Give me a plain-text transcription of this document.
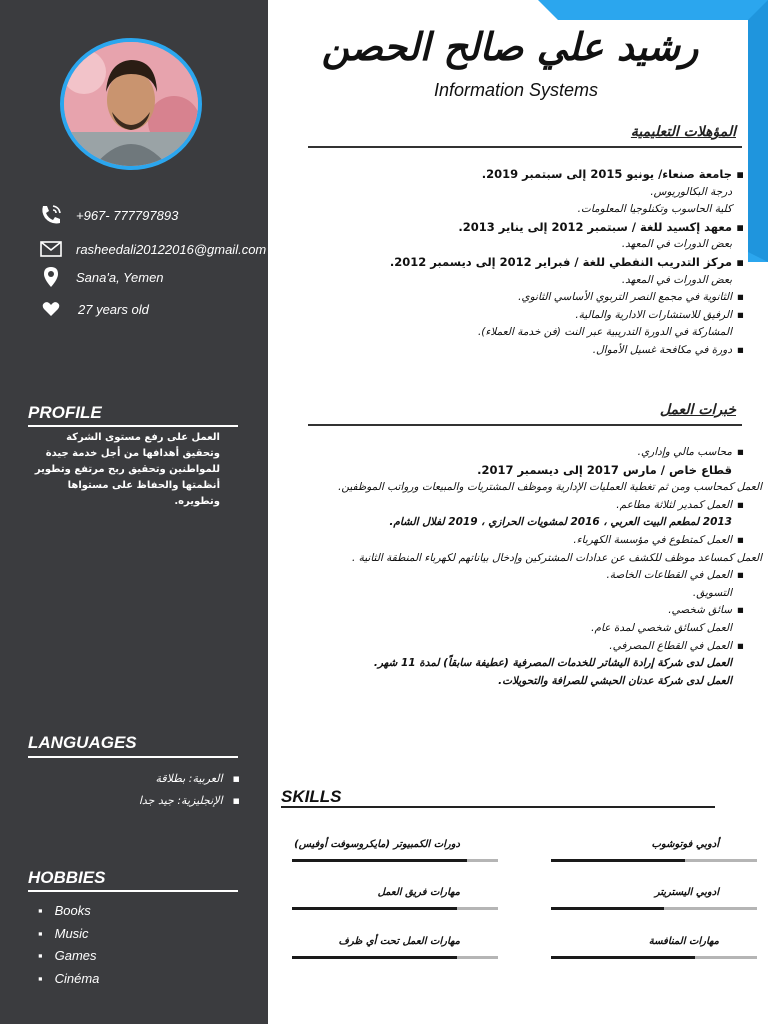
+967- 777797893
rasheedali20122016@gmail.com
Sana'a, Yemen
27 years old
PROFILE
العمل على رفع مستوى الشركة وتحقيق أهدافها من أجل خدمة جيدة للمواطنين وتحقيق ربح مرتفع وتطوير أنظمتها والحفاظ على مستواها وتطويره.
LANGUAGES
▪ العربية: بطلاقة
▪ الإنجليزية: جيد جدا
HOBBIES
▪ Books
▪ Music
▪ Games
▪ Cinéma
رشيد علي صالح الحصن
Information Systems
المؤهلات التعليمية
▪ جامعة صنعاء/ يونيو 2015 إلى سبتمبر 2019.
درجة البكالوريوس.
كلية الحاسوب وتكنلوجيا المعلومات.
▪ معهد إكسيد للغة / سبتمبر 2012 إلى يناير 2013.
بعض الدورات في المعهد.
▪ مركز التدريب النفطي للغة / فبراير 2012 إلى ديسمبر 2012.
بعض الدورات في المعهد.
▪ الثانوية في مجمع النصر التربوي الأساسي الثانوي.
▪ الرفيق للاستشارات الادارية والمالية.
المشاركة في الدورة التدريبية عبر النت (فن خدمة العملاء).
▪ دورة في مكافحة غسيل الأموال.
خبرات العمل
▪ محاسب مالي وإداري.
قطاع خاص / مارس 2017 إلى ديسمبر 2017.
العمل كمحاسب ومن ثم تغطية العمليات الإدارية وموظف المشتريات والمبيعات ورواتب الموظفين.
▪ العمل كمدير لثلاثة مطاعم.
2013 لمطعم البيت العربي ، 2016 لمشويات الحرازي ، 2019 لفلال الشام.
▪ العمل كمتطوع في مؤسسة الكهرباء.
العمل كمساعد موظف للكشف عن عدادات المشتركين وإدخال بياناتهم لكهرباء المنطقة الثانية .
▪ العمل في القطاعات الخاصة.
التسويق.
▪ سائق شخصي.
العمل كسائق شخصي لمدة عام.
▪ العمل في القطاع المصرفي.
العمل لدى شركة إرادة اليشاتر للخدمات المصرفية (عطيفة سابقاً) لمدة 11 شهر.
العمل لدى شركة عدنان الحبشي للصرافة والتحويلات.
SKILLS
دورات الكمبيوتر (مايكروسوفت أوفيس)	أدوبي فوتوشوب
مهارات فريق العمل	ادوبي اليستريتر
مهارات العمل تحت أي ظرف	مهارات المنافسة
